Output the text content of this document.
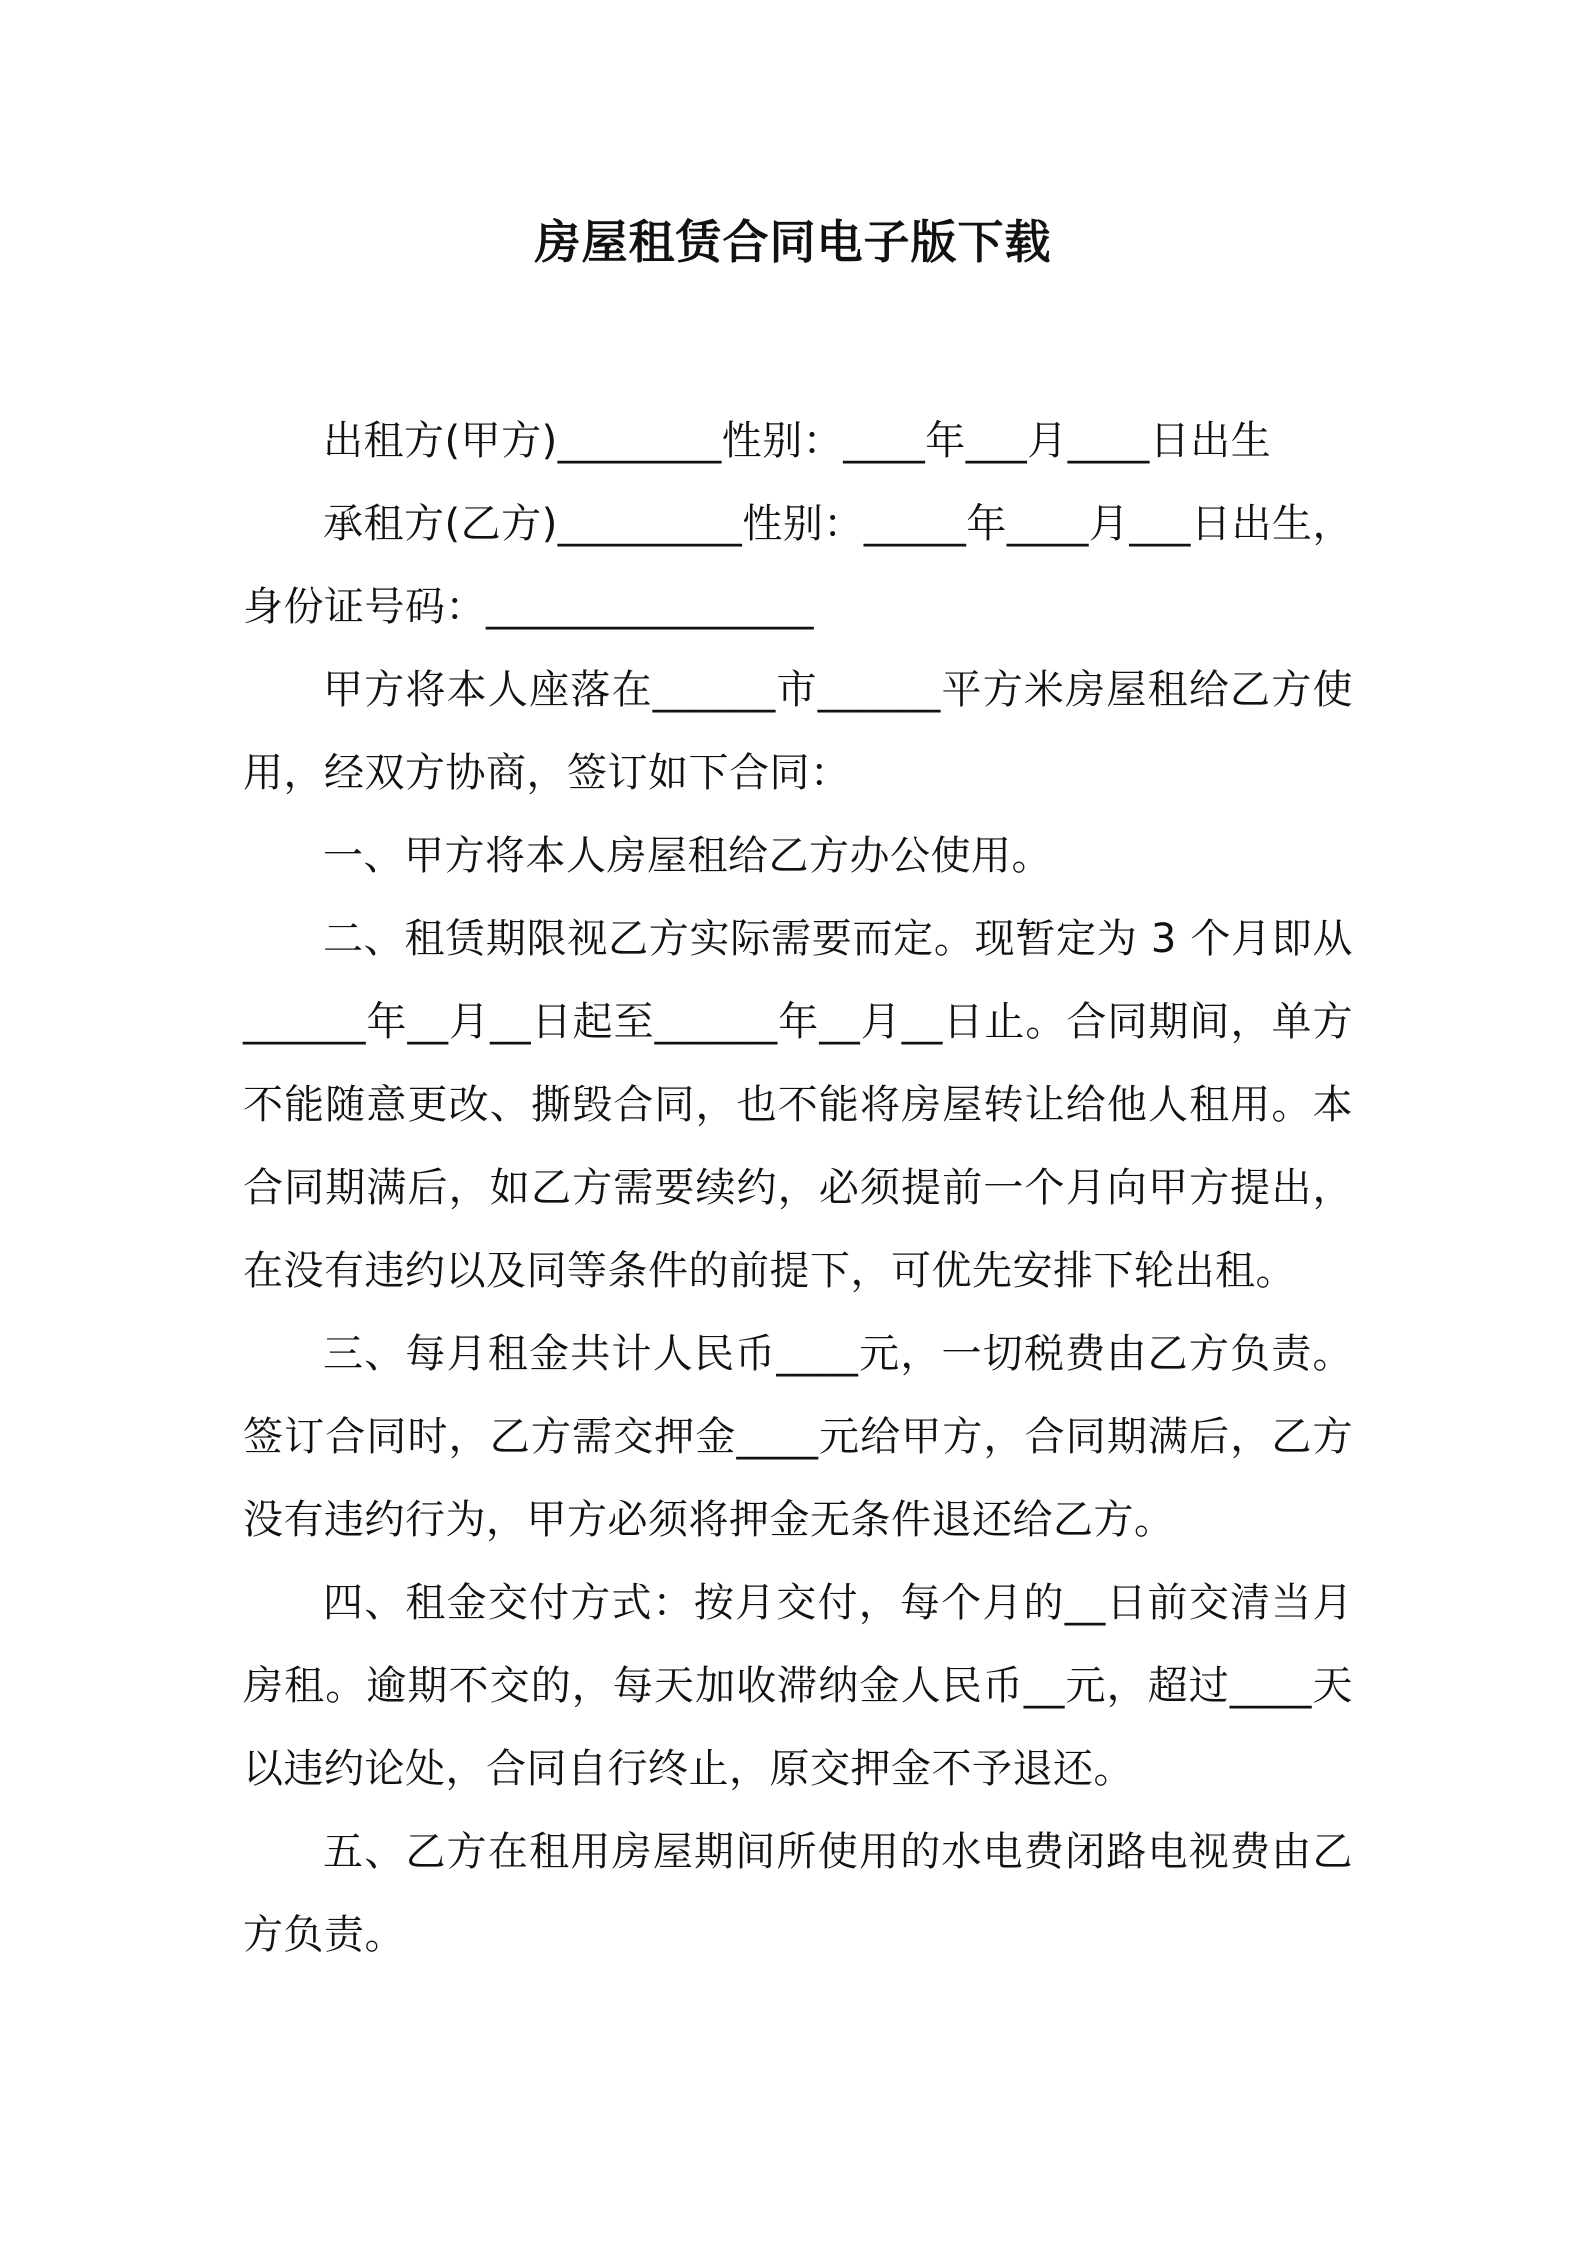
房屋租赁合同电子版下载

出租方(甲方)________性别：____年___月____日出生

承租方(乙方)_________性别：_____年____月___日出生，身份证号码：________________

甲方将本人座落在______市______平方米房屋租给乙方使用，经双方协商，签订如下合同：

一、甲方将本人房屋租给乙方办公使用。

二、租赁期限视乙方实际需要而定。现暂定为 3 个月即从______年__月__日起至______年__月__日止。合同期间，单方不能随意更改、撕毁合同，也不能将房屋转让给他人租用。本合同期满后，如乙方需要续约，必须提前一个月向甲方提出，在没有违约以及同等条件的前提下，可优先安排下轮出租。

三、每月租金共计人民币____元，一切税费由乙方负责。签订合同时，乙方需交押金____元给甲方，合同期满后，乙方没有违约行为，甲方必须将押金无条件退还给乙方。

四、租金交付方式：按月交付，每个月的__日前交清当月房租。逾期不交的，每天加收滞纳金人民币__元，超过____天以违约论处，合同自行终止，原交押金不予退还。

五、乙方在租用房屋期间所使用的水电费闭路电视费由乙方负责。
